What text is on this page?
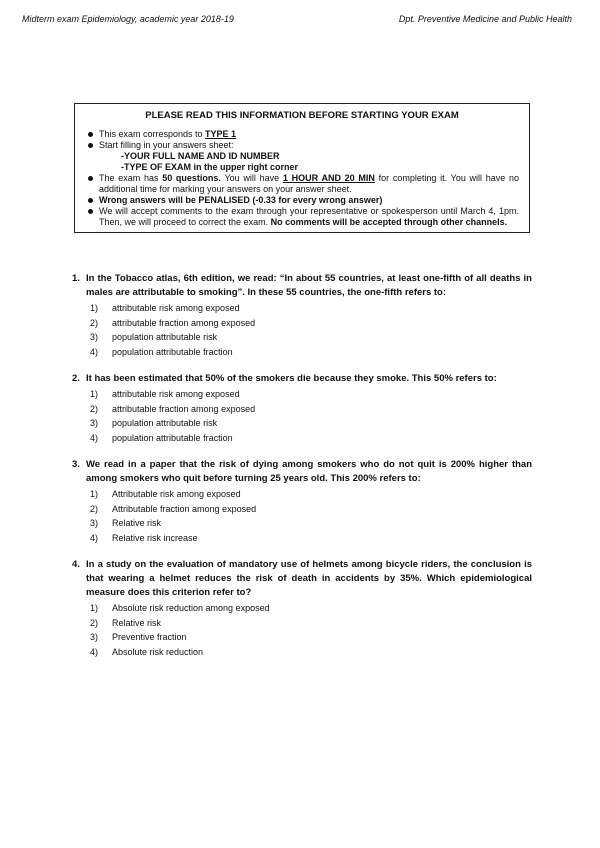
Midterm exam Epidemiology, academic year 2018-19	Dpt. Preventive Medicine and Public Health
PLEASE READ THIS INFORMATION BEFORE STARTING YOUR EXAM
This exam corresponds to TYPE 1
Start filling in your answers sheet:
-YOUR FULL NAME AND ID NUMBER
-TYPE OF EXAM in the upper right corner
The exam has 50 questions. You will have 1 HOUR AND 20 MIN for completing it. You will have no additional time for marking your answers on your answer sheet.
Wrong answers will be PENALISED (-0.33 for every wrong answer)
We will accept comments to the exam through your representative or spokesperson until March 4, 1pm. Then, we will proceed to correct the exam. No comments will be accepted through other channels.
1. In the Tobacco atlas, 6th edition, we read: “In about 55 countries, at least one-fifth of all deaths in males are attributable to smoking”. In these 55 countries, the one-fifth refers to:
1)	attributable risk among exposed
2)	attributable fraction among exposed
3)	population attributable risk
4)	population attributable fraction
2. It has been estimated that 50% of the smokers die because they smoke. This 50% refers to:
1)	attributable risk among exposed
2)	attributable fraction among exposed
3)	population attributable risk
4)	population attributable fraction
3. We read in a paper that the risk of dying among smokers who do not quit is 200% higher than among smokers who quit before turning 25 years old. This 200% refers to:
1)	Attributable risk among exposed
2)	Attributable fraction among exposed
3)	Relative risk
4)	Relative risk increase
4. In a study on the evaluation of mandatory use of helmets among bicycle riders, the conclusion is that wearing a helmet reduces the risk of death in accidents by 35%. Which epidemiological measure does this criterion refer to?
1)	Absolute risk reduction among exposed
2)	Relative risk
3)	Preventive fraction
4)	Absolute risk reduction
